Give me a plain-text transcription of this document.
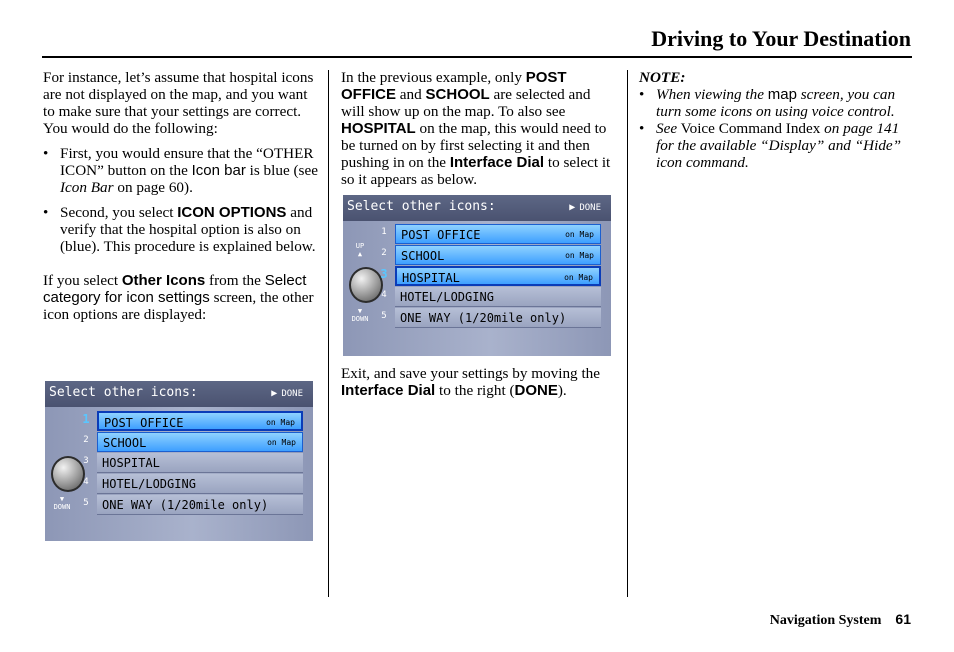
Driving to Your Destination

For instance, let’s assume that hospital icons are not displayed on the map, and you want to make sure that your settings are correct. You would do the following:

• First, you would ensure that the “OTHER ICON” button on the Icon bar is blue (see Icon Bar on page 60).
• Second, you select ICON OPTIONS and verify that the hospital option is also on (blue). This procedure is explained below.

If you select Other Icons from the Select category for icon settings screen, the other icon options are displayed:

Select other icons:	▶ DONE
▼
DOWN
1	POST OFFICE	on Map
2	SCHOOL	on Map
3	HOSPITAL
4	HOTEL/LODGING
5	ONE WAY (1/20mile only)

In the previous example, only POST OFFICE and SCHOOL are selected and will show up on the map. To also see HOSPITAL on the map, this would need to be turned on by first selecting it and then pushing in on the Interface Dial to select it so it appears as below.

Select other icons:	▶ DONE
UP
▲
▼
DOWN
1	POST OFFICE	on Map
2	SCHOOL	on Map
3	HOSPITAL	on Map
4	HOTEL/LODGING
5	ONE WAY (1/20mile only)

Exit, and save your settings by moving the Interface Dial to the right (DONE).

NOTE:

• When viewing the map screen, you can turn some icons on using voice control.
• See Voice Command Index on page 141 for the available “Display” and “Hide” icon command.
Navigation System 61
